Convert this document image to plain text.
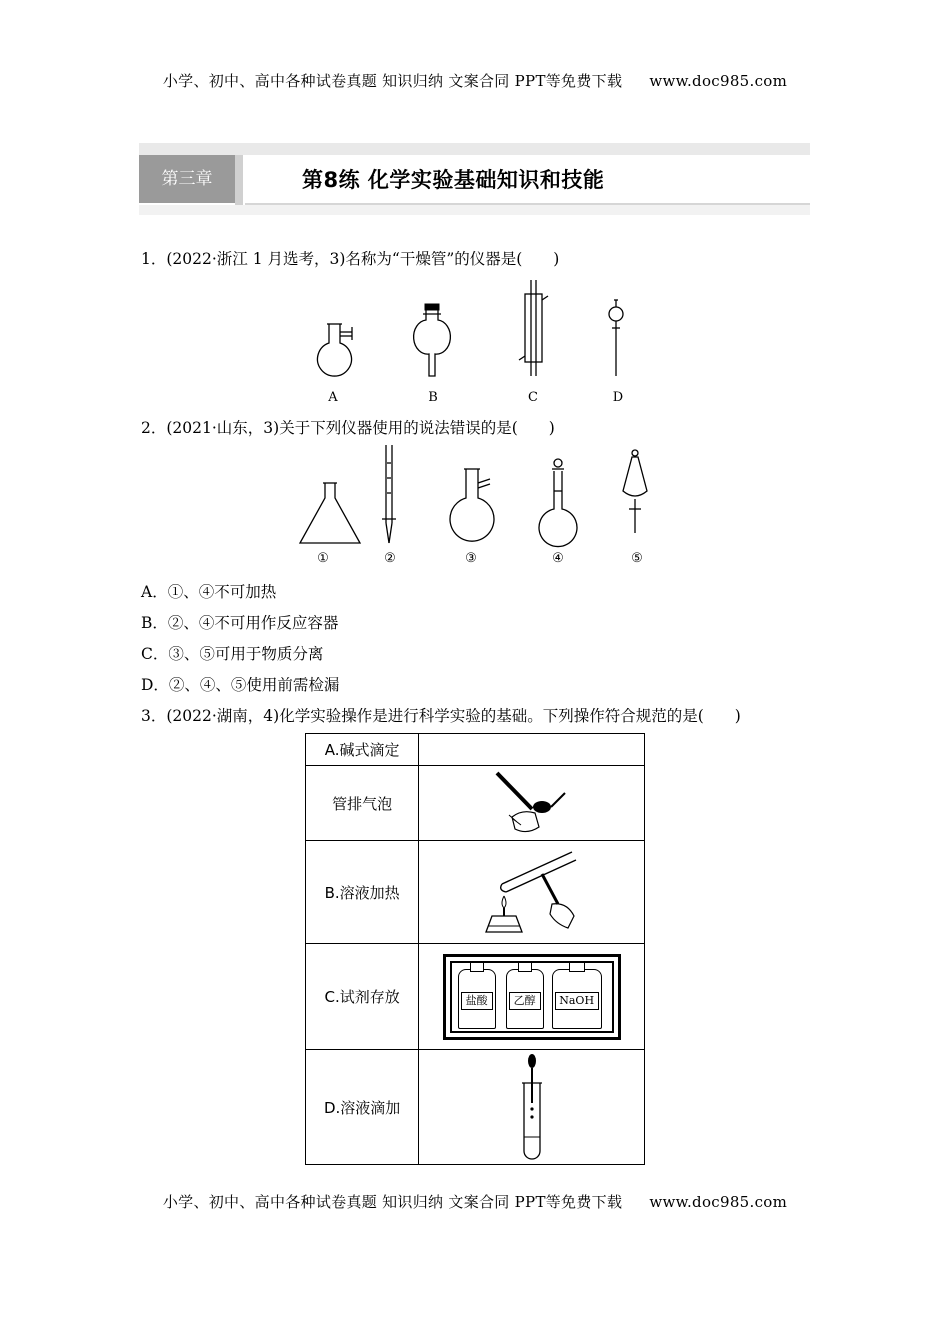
小学、初中、高中各种试卷真题 知识归纳 文案合同 PPT等免费下载 www.doc985.com
第三章	第8练 化学实验基础知识和技能
1．(2022·浙江 1 月选考，3)名称为“干燥管”的仪器是(　　)
A	B	C	D
2．(2021·山东，3)关于下列仪器使用的说法错误的是(　　)
①	②	③	④	⑤
A．①、④不可加热
B．②、④不可用作反应容器
C．③、⑤可用于物质分离
D．②、④、⑤使用前需检漏
3．(2022·湖南，4)化学实验操作是进行科学实验的基础。下列操作符合规范的是(　　)
A.碱式滴定	
管排气泡	

B.溶液加热	

C.试剂存放	盐酸 乙醇 NaOH

D.溶液滴加	
小学、初中、高中各种试卷真题 知识归纳 文案合同 PPT等免费下载 www.doc985.com
